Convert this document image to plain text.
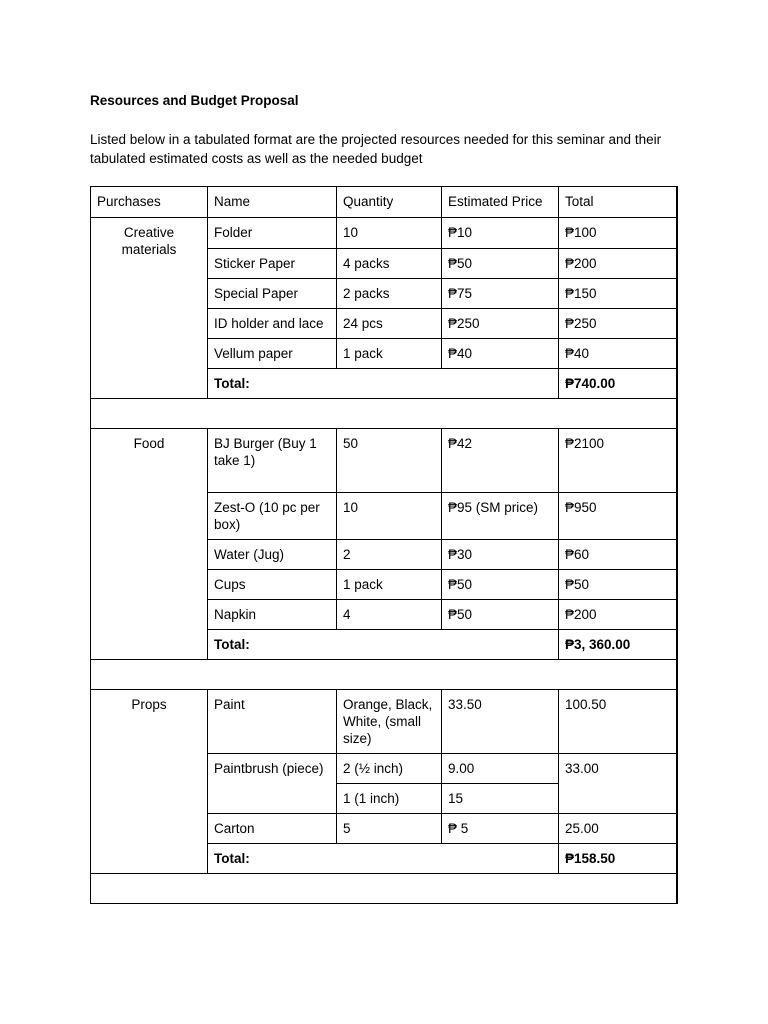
Resources and Budget Proposal
Listed below in a tabulated format are the projected resources needed for this seminar and their tabulated estimated costs as well as the needed budget
Purchases	Name	Quantity	Estimated Price	Total
Creative materials	Folder	10	₱10	₱100
	Sticker Paper	4 packs	₱50	₱200
	Special Paper	2 packs	₱75	₱150
	ID holder and lace	24 pcs	₱250	₱250
	Vellum paper	1 pack	₱40	₱40
	Total:			₱740.00

Food	BJ Burger (Buy 1 take 1)	50	₱42	₱2100
	Zest-O (10 pc per box)	10	₱95 (SM price)	₱950
	Water (Jug)	2	₱30	₱60
	Cups	1 pack	₱50	₱50
	Napkin	4	₱50	₱200
	Total:			₱3, 360.00

Props	Paint	Orange, Black, White, (small size)	33.50	100.50
	Paintbrush (piece)	2 (½ inch)	9.00	33.00
		1 (1 inch)	15	
	Carton	5	₱ 5	25.00
	Total:			₱158.50
